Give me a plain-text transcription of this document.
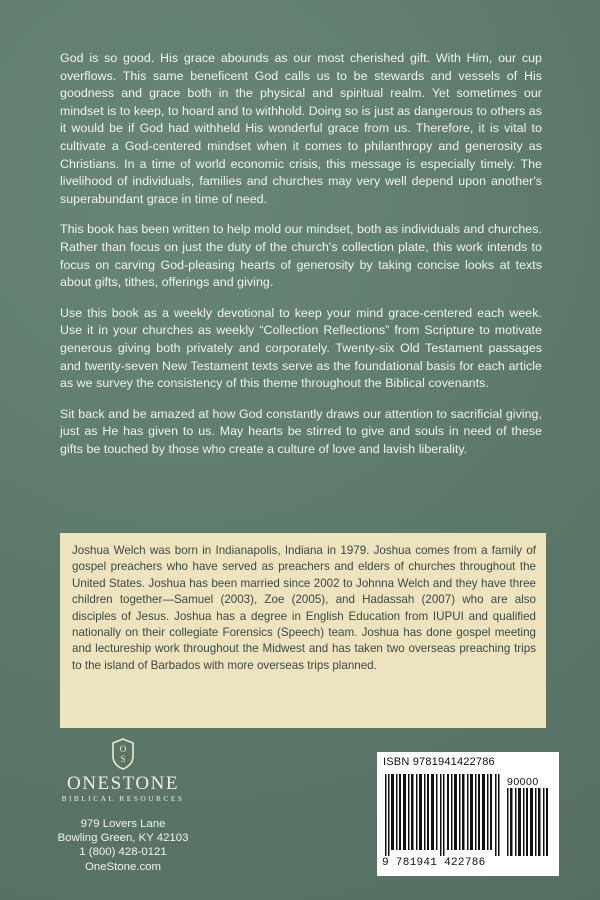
God is so good. His grace abounds as our most cherished gift. With Him, our cup overflows. This same beneficent God calls us to be stewards and vessels of His goodness and grace both in the physical and spiritual realm. Yet sometimes our mindset is to keep, to hoard and to withhold. Doing so is just as dangerous to others as it would be if God had withheld His wonderful grace from us. Therefore, it is vital to cultivate a God-centered mindset when it comes to philanthropy and generosity as Christians. In a time of world economic crisis, this message is especially timely. The livelihood of individuals, families and churches may very well depend upon another's superabundant grace in time of need.

This book has been written to help mold our mindset, both as individuals and churches. Rather than focus on just the duty of the church's collection plate, this work intends to focus on carving God-pleasing hearts of generosity by taking concise looks at texts about gifts, tithes, offerings and giving.

Use this book as a weekly devotional to keep your mind grace-centered each week. Use it in your churches as weekly “Collection Reflections” from Scripture to motivate generous giving both privately and corporately. Twenty-six Old Testament passages and twenty-seven New Testament texts serve as the foundational basis for each article as we survey the consistency of this theme throughout the Biblical covenants.

Sit back and be amazed at how God constantly draws our attention to sacrificial giving, just as He has given to us. May hearts be stirred to give and souls in need of these gifts be touched by those who create a culture of love and lavish liberality.

Joshua Welch was born in Indianapolis, Indiana in 1979. Joshua comes from a family of gospel preachers who have served as preachers and elders of churches throughout the United States. Joshua has been married since 2002 to Johnna Welch and they have three children together—Samuel (2003), Zoe (2005), and Hadassah (2007) who are also disciples of Jesus. Joshua has a degree in English Education from IUPUI and qualified nationally on their collegiate Forensics (Speech) team. Joshua has done gospel meeting and lectureship work throughout the Midwest and has taken two overseas preaching trips to the island of Barbados with more overseas trips planned.

O
S
ONESTONE
BIBLICAL RESOURCES
979 Lovers Lane
Bowling Green, KY 42103
1 (800) 428-0121
OneStone.com
ISBN 9781941422786
90000
9 781941 422786
